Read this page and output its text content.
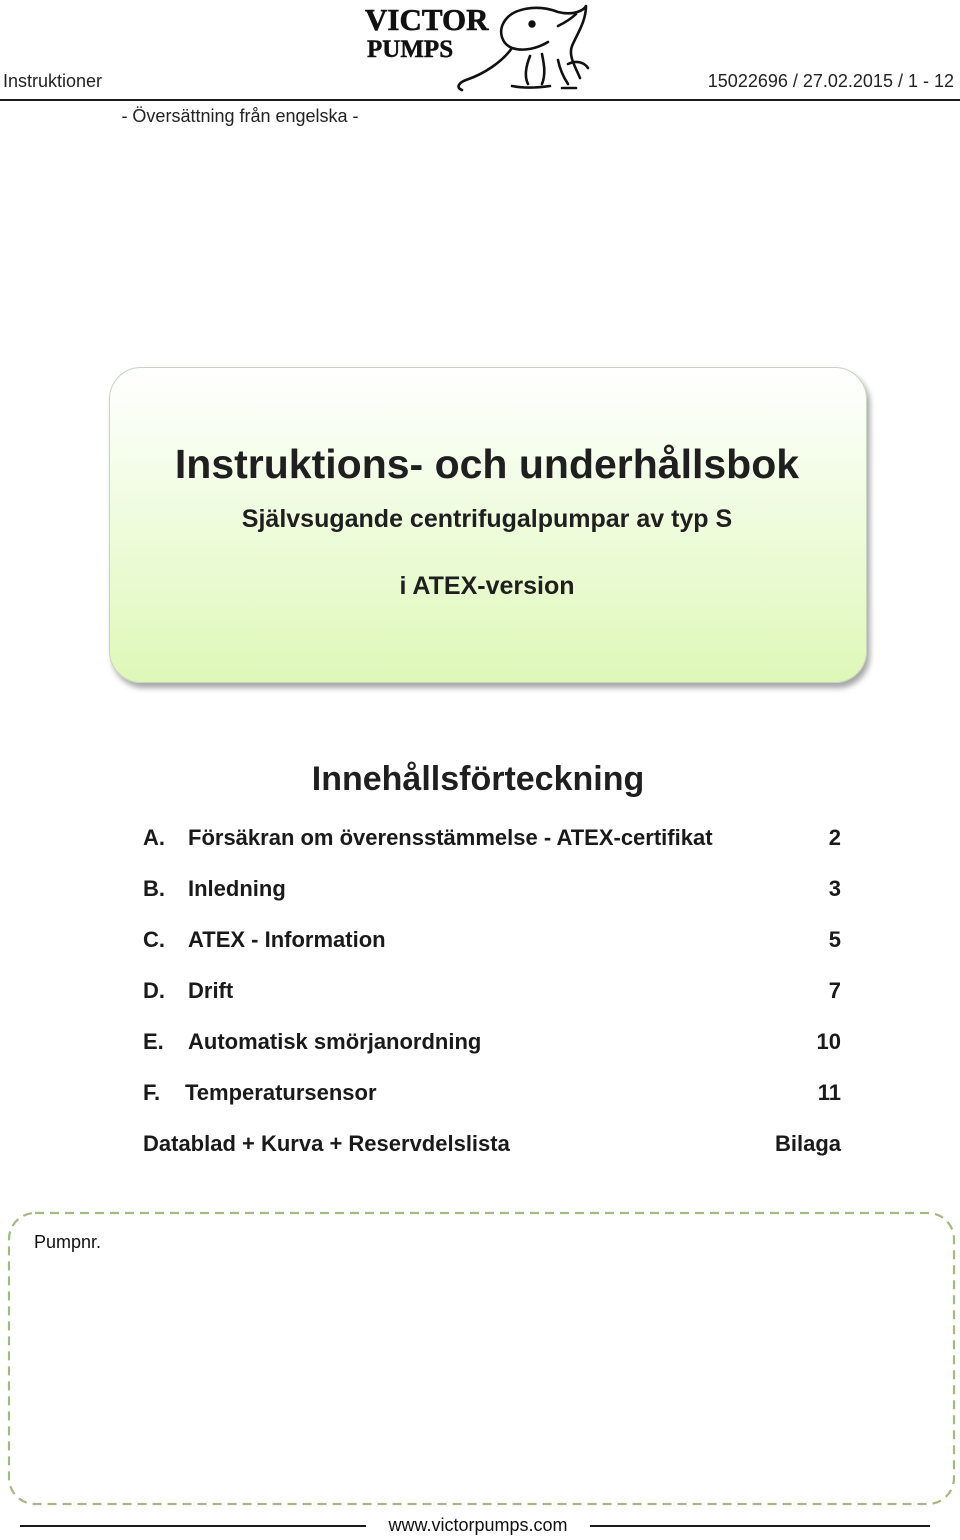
Instruktioner	15022696 / 27.02.2015 / 1 - 12
VICTOR
PUMPS
- Översättning från engelska -
Instruktions- och underhållsbok
Självsugande centrifugalpumpar av typ S
i ATEX-version
Innehållsförteckning
A. Försäkran om överensstämmelse - ATEX-certifikat	2
B. Inledning	3
C. ATEX - Information	5
D. Drift	7
E. Automatisk smörjanordning	10
F. Temperatursensor	11
Datablad + Kurva + Reservdelslista	Bilaga
Pumpnr.
www.victorpumps.com
